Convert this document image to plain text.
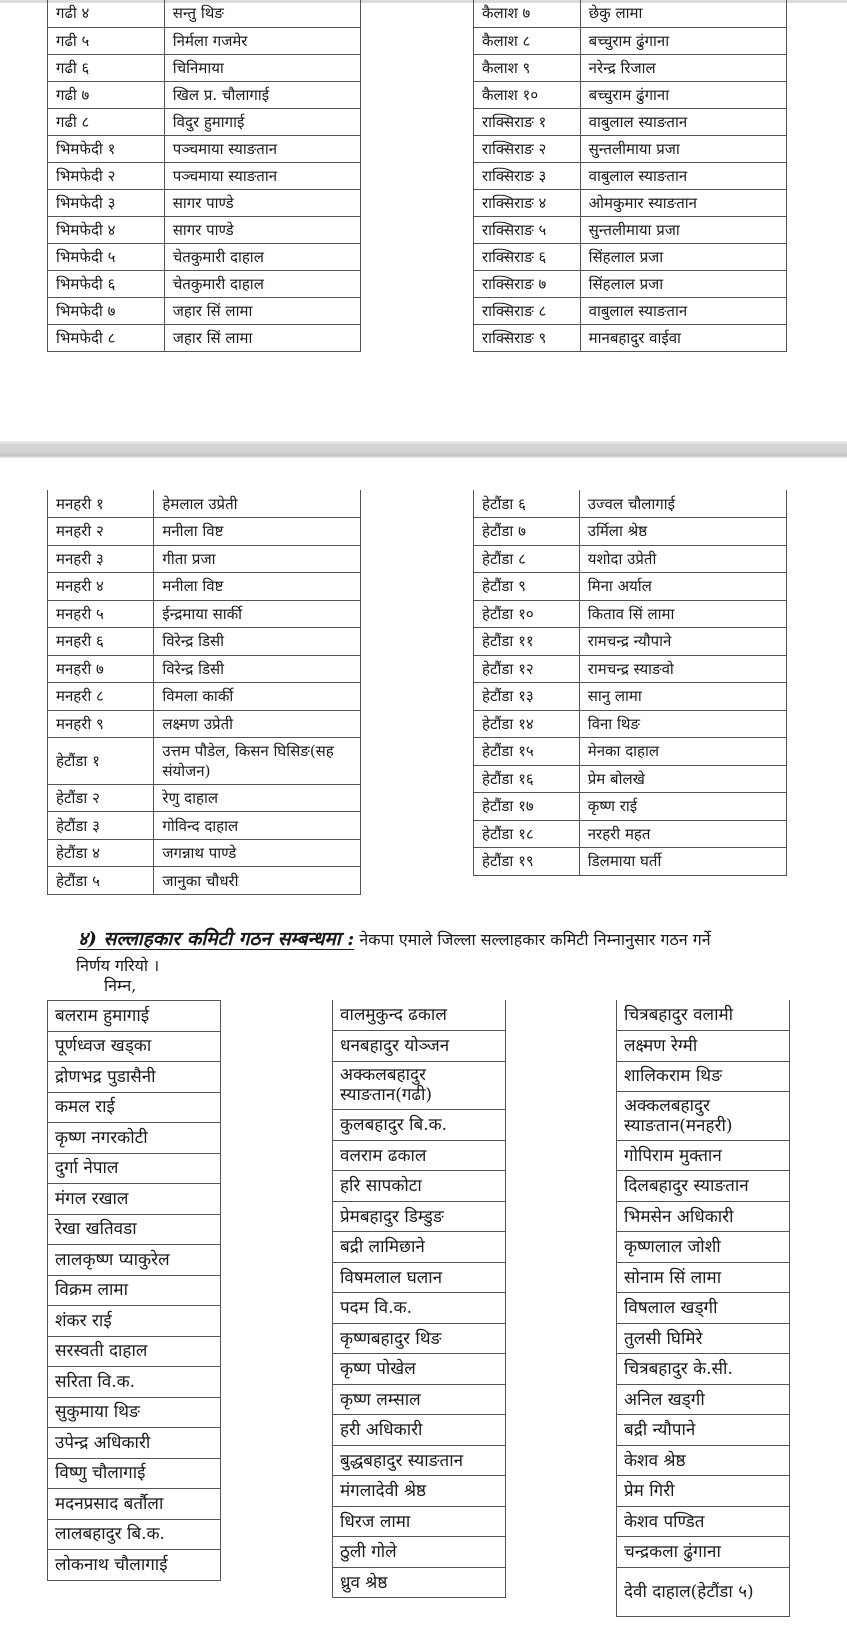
गढी ४	सन्तु थिङ
गढी ५	निर्मला गजमेर
गढी ६	चिनिमाया
गढी ७	खिल प्र. चौलागाई
गढी ८	विदुर हुमागाई
भिमफेदी १	पञ्चमाया स्याङतान
भिमफेदी २	पञ्चमाया स्याङतान
भिमफेदी ३	सागर पाण्डे
भिमफेदी ४	सागर पाण्डे
भिमफेदी ५	चेतकुमारी दाहाल
भिमफेदी ६	चेतकुमारी दाहाल
भिमफेदी ७	जहार सिं लामा
भिमफेदी ८	जहार सिं लामा
कैलाश ७	छेकु लामा
कैलाश ८	बच्चुराम ढुंगाना
कैलाश ९	नरेन्द्र रिजाल
कैलाश १०	बच्चुराम ढुंगाना
राक्सिराङ १	वाबुलाल स्याङतान
राक्सिराङ २	सुन्तलीमाया प्रजा
राक्सिराङ ३	वाबुलाल स्याङतान
राक्सिराङ ४	ओमकुमार स्याङतान
राक्सिराङ ५	सुन्तलीमाया प्रजा
राक्सिराङ ६	सिंहलाल प्रजा
राक्सिराङ ७	सिंहलाल प्रजा
राक्सिराङ ८	वाबुलाल स्याङतान
राक्सिराङ ९	मानबहादुर वाईवा
मनहरी १	हेमलाल उप्रेती
मनहरी २	मनीला विष्ट
मनहरी ३	गीता प्रजा
मनहरी ४	मनीला विष्ट
मनहरी ५	ईन्द्रमाया सार्की
मनहरी ६	विरेन्द्र डिसी
मनहरी ७	विरेन्द्र डिसी
मनहरी ८	विमला कार्की
मनहरी ९	लक्ष्मण उप्रेती
हेटौंडा १	उत्तम पौडेल, किसन घिसिङ(सह संयोजन)
हेटौंडा २	रेणु दाहाल
हेटौंडा ३	गोविन्द दाहाल
हेटौंडा ४	जगन्नाथ पाण्डे
हेटौंडा ५	जानुका चौधरी
हेटौंडा ६	उज्वल चौलागाई
हेटौंडा ७	उर्मिला श्रेष्ठ
हेटौंडा ८	यशोदा उप्रेती
हेटौंडा ९	मिना अर्याल
हेटौंडा १०	किताव सिं लामा
हेटौंडा ११	रामचन्द्र न्यौपाने
हेटौंडा १२	रामचन्द्र स्याङवो
हेटौंडा १३	सानु लामा
हेटौंडा १४	विना थिङ
हेटौंडा १५	मेनका दाहाल
हेटौंडा १६	प्रेम बोलखे
हेटौंडा १७	कृष्ण राई
हेटौंडा १८	नरहरी महत
हेटौंडा १९	डिलमाया घर्ती
४) सल्लाहकार कमिटी गठन सम्बन्धमा : नेकपा एमाले जिल्ला सल्लाहकार कमिटी निम्नानुसार गठन गर्ने
निर्णय गरियो ।
निम्न,
बलराम हुमागाई
पूर्णध्वज खड्का
द्रोणभद्र पुडासैनी
कमल राई
कृष्ण नगरकोटी
दुर्गा नेपाल
मंगल रखाल
रेखा खतिवडा
लालकृष्ण प्याकुरेल
विक्रम लामा
शंकर राई
सरस्वती दाहाल
सरिता वि.क.
सुकुमाया थिङ
उपेन्द्र अधिकारी
विष्णु चौलागाई
मदनप्रसाद बर्तौला
लालबहादुर बि.क.
लोकनाथ चौलागाई
वालमुकुन्द ढकाल
धनबहादुर योञ्जन
अक्कलबहादुर स्याङतान(गढी)
कुलबहादुर बि.क.
वलराम ढकाल
हरि सापकोटा
प्रेमबहादुर डिम्डुङ
बद्री लामिछाने
विषमलाल घलान
पदम वि.क.
कृष्णबहादुर थिङ
कृष्ण पोखेल
कृष्ण लम्साल
हरी अधिकारी
बुद्धबहादुर स्याङतान
मंगलादेवी श्रेष्ठ
धिरज लामा
ठुली गोले
ध्रुव श्रेष्ठ
चित्रबहादुर वलामी
लक्ष्मण रेग्मी
शालिकराम थिङ
अक्कलबहादुर स्याङतान(मनहरी)
गोपिराम मुक्तान
दिलबहादुर स्याङतान
भिमसेन अधिकारी
कृष्णलाल जोशी
सोनाम सिं लामा
विषलाल खड्गी
तुलसी घिमिरे
चित्रबहादुर के.सी.
अनिल खड्गी
बद्री न्यौपाने
केशव श्रेष्ठ
प्रेम गिरी
केशव पण्डित
चन्द्रकला ढुंगाना
देवी दाहाल(हेटौंडा ५)
